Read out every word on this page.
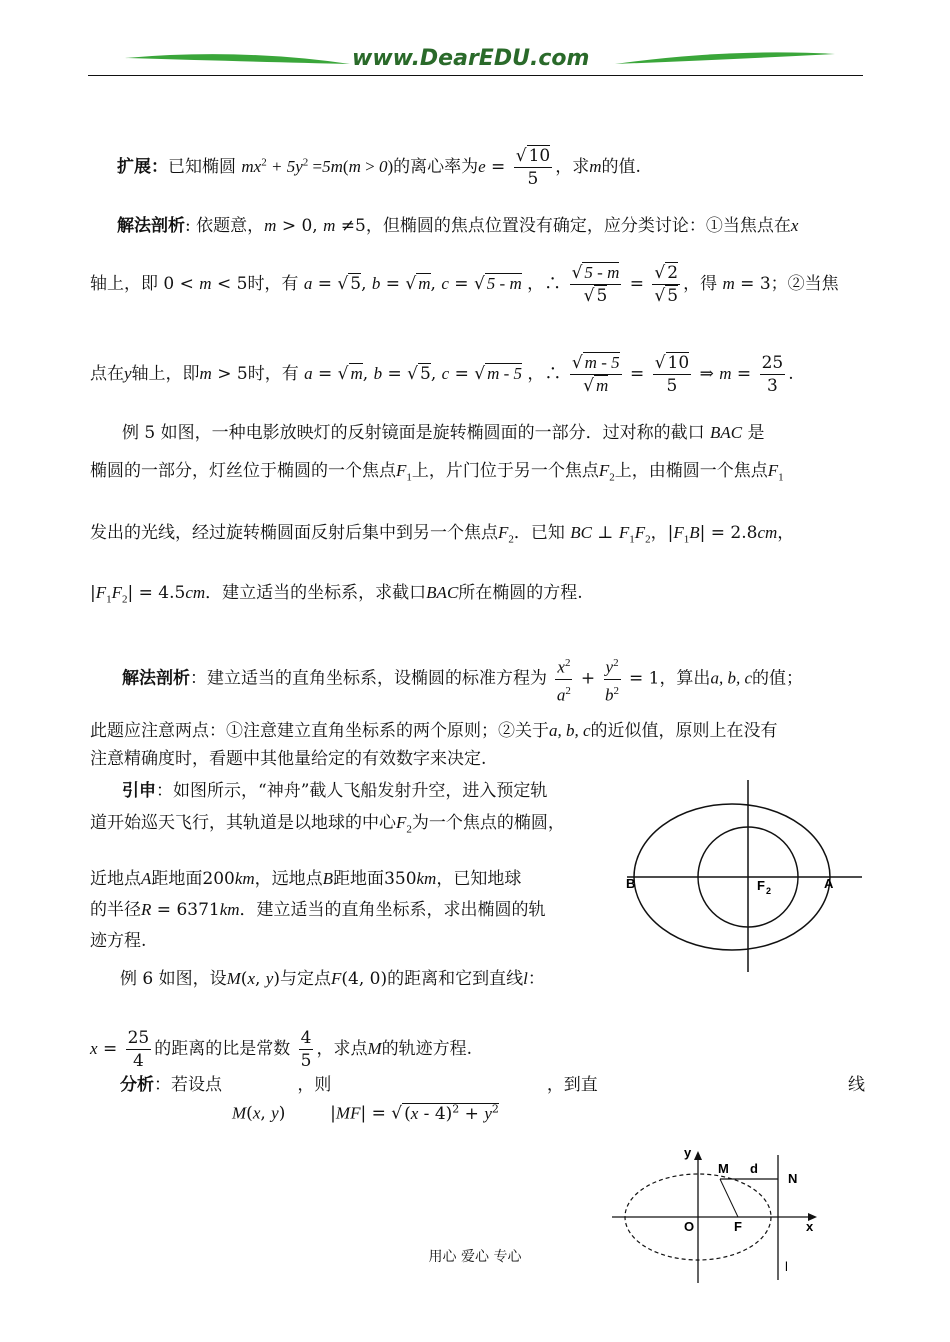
www.DearEDU.com
扩展：已知椭圆 $mx^2 + 5y^2 =5m(m > 0)$的离心率为$e = \frac{√ 10}{5}$ ，求m的值.
解法剖析: 依题意，m > 0, m ≠5，但椭圆的焦点位置没有确定，应分类讨论：①当焦点在x
轴上，即 0 < m < 5时，有 a = √ 5, b = √ m, c = √ 5 - m ，∴ $\frac{√ 5 - m}{√ 5} = \frac{√ 2}{√ 5}$ ，得 m = 3；②当焦
点在y轴上，即m > 5时，有 a = √ m, b = √ 5, c = √ m - 5 ，∴ $\frac{√ m - 5}{√ m} = \frac{√ 10}{5}$ ⇒ $m = \frac{25}{3}$ .
例 5 如图，一种电影放映灯的反射镜面是旋转椭圆面的一部分．过对称的截口 BAC 是
椭圆的一部分，灯丝位于椭圆的一个焦点$F_1$上，片门位于另一个焦点$F_2$上，由椭圆一个焦点$F_1$
发出的光线，经过旋转椭圆面反射后集中到另一个焦点$F_2$．已知 BC ⊥ $F_1F_2$，$|F_1B| = 2.8cm$，
$|F_1F_2| = 4.5cm$．建立适当的坐标系，求截口BAC所在椭圆的方程.
解法剖析：建立适当的直角坐标系，设椭圆的标准方程为 $\frac{x^2}{a^2} + \frac{y^2}{b^2} = 1$，算出a, b, c的值；
此题应注意两点：①注意建立直角坐标系的两个原则；②关于a, b, c的近似值，原则上在没有
注意精确度时，看题中其他量给定的有效数字来决定.
引申：如图所示，“神舟”截人飞船发射升空，进入预定轨
道开始巡天飞行，其轨道是以地球的中心$F_2$为一个焦点的椭圆，
近地点A距地面200km，远地点B距地面350km，已知地球
的半径R = 6371km．建立适当的直角坐标系，求出椭圆的轨
迹方程.
B	F 2	A
例 6 如图，设M(x, y)与定点F(4, 0)的距离和它到直线l：
$x = \frac{25}{4}$ 的距离的比是常数 $\frac{4}{5}$ ，求点M的轨迹方程.
分析：若设点	，则	，到直	线
M(x, y)  |MF| = √ $(x - 4)^2 + y^2$
y
M d
N
O	F	x
l
用心 爱心 专心
